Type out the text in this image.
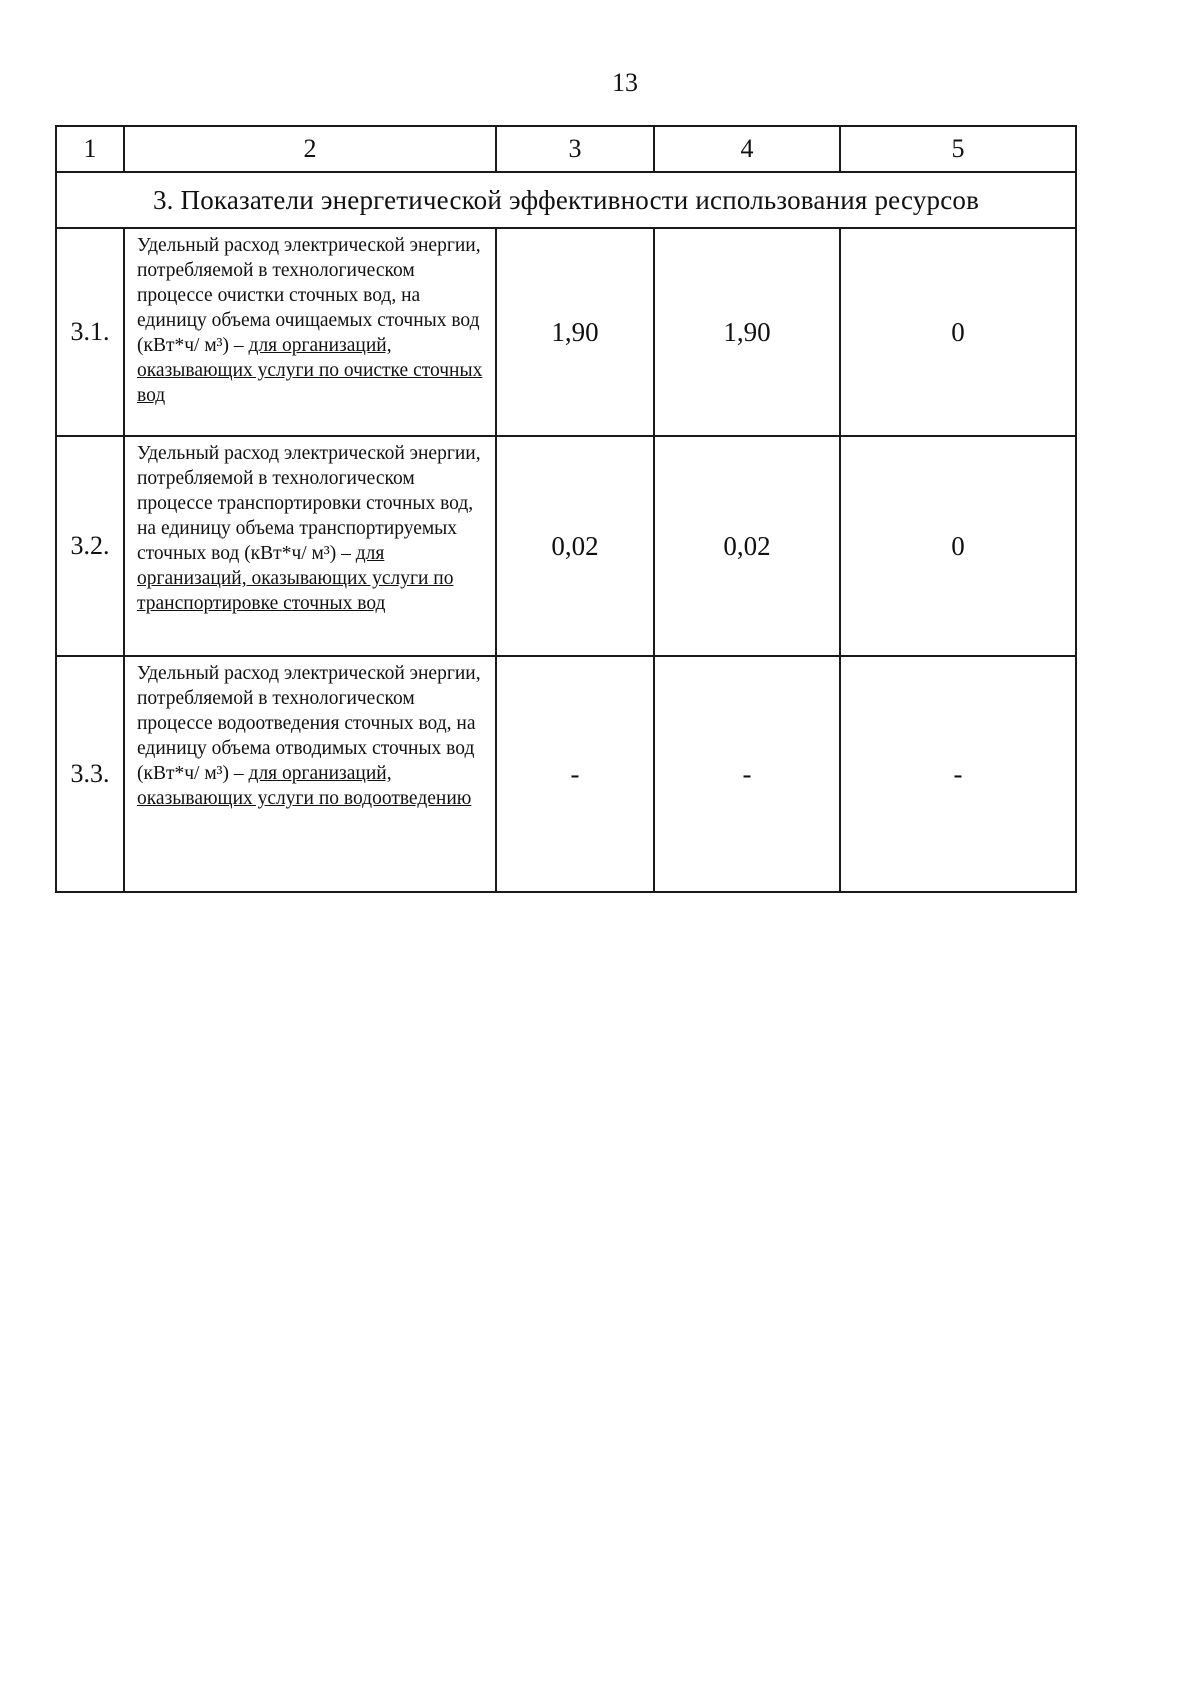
13
1	2	3	4	5
3. Показатели энергетической эффективности использования ресурсов				
3.1.	Удельный расход электрической энергии, потребляемой в технологическом процессе очистки сточных вод, на единицу объема очищаемых сточных вод (кВт*ч/ м³) – для организаций, оказывающих услуги по очистке сточных вод	1,90	1,90	0
3.2.	Удельный расход электрической энергии, потребляемой в технологическом процессе транспортировки сточных вод, на единицу объема транспортируемых сточных вод (кВт*ч/ м³) – для организаций, оказывающих услуги по транспортировке сточных вод	0,02	0,02	0
3.3.	Удельный расход электрической энергии, потребляемой в технологическом процессе водоотведения сточных вод, на единицу объема отводимых сточных вод (кВт*ч/ м³) – для организаций, оказывающих услуги по водоотведению	-	-	-
